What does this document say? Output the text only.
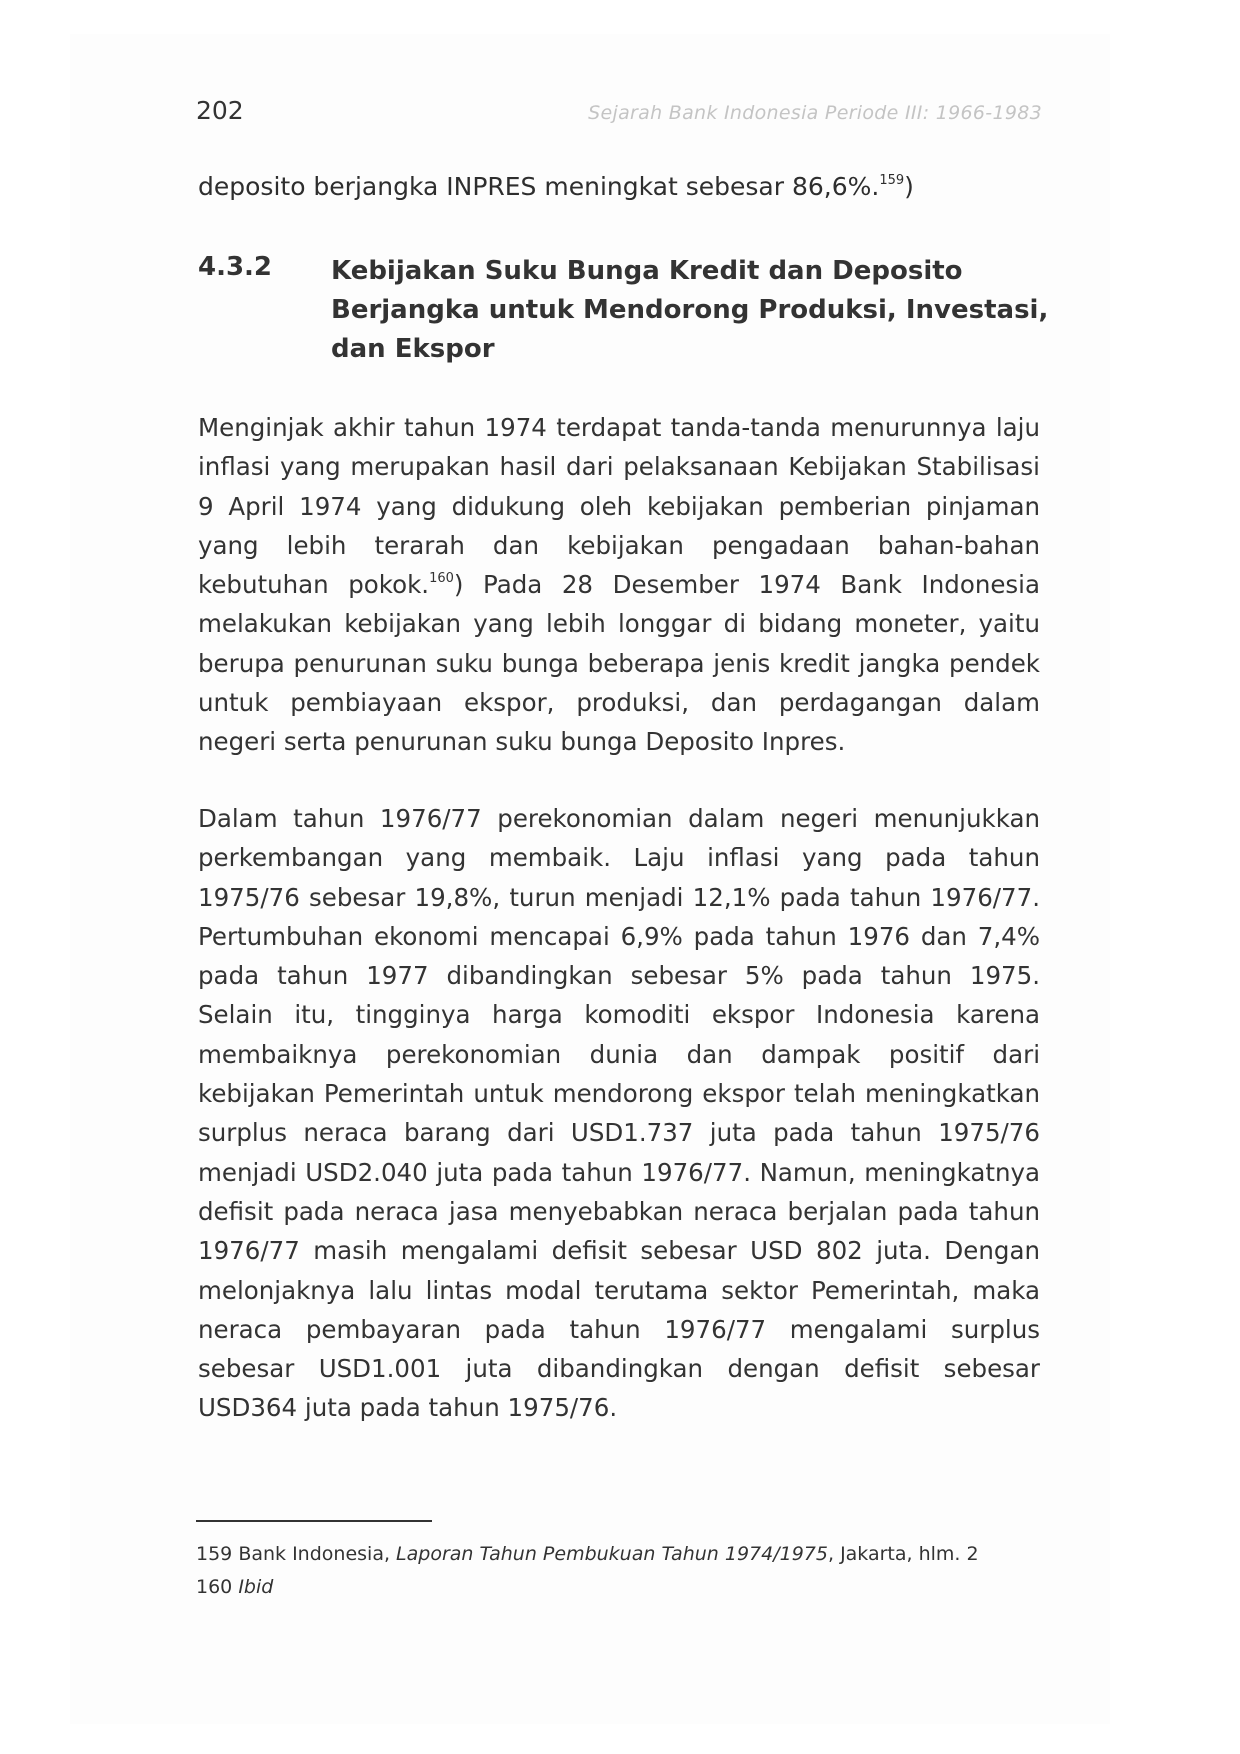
202	Sejarah Bank Indonesia Periode III: 1966-1983
deposito berjangka INPRES meningkat sebesar 86,6%.$^{159}$)
4.3.2 Kebijakan Suku Bunga Kredit dan Deposito Berjangka untuk Mendorong Produksi, Investasi, dan Ekspor

Menginjak akhir tahun 1974 terdapat tanda-tanda menurunnya laju inflasi yang merupakan hasil dari pelaksanaan Kebijakan Stabilisasi 9 April 1974 yang didukung oleh kebijakan pemberian pinjaman yang lebih terarah dan kebijakan pengadaan bahan-bahan kebutuhan pokok.$^{160}$) Pada 28 Desember 1974 Bank Indonesia melakukan kebijakan yang lebih longgar di bidang moneter, yaitu berupa penurunan suku bunga beberapa jenis kredit jangka pendek untuk pembiayaan ekspor, produksi, dan perdagangan dalam negeri serta penurunan suku bunga Deposito Inpres.

Dalam tahun 1976/77 perekonomian dalam negeri menunjukkan perkembangan yang membaik. Laju inflasi yang pada tahun 1975/76 sebesar 19,8%, turun menjadi 12,1% pada tahun 1976/77. Pertumbuhan ekonomi mencapai 6,9% pada tahun 1976 dan 7,4% pada tahun 1977 dibandingkan sebesar 5% pada tahun 1975. Selain itu, tingginya harga komoditi ekspor Indonesia karena membaiknya perekonomian dunia dan dampak positif dari kebijakan Pemerintah untuk mendorong ekspor telah meningkatkan surplus neraca barang dari USD1.737 juta pada tahun 1975/76 menjadi USD2.040 juta pada tahun 1976/77. Namun, meningkatnya defisit pada neraca jasa menyebabkan neraca berjalan pada tahun 1976/77 masih mengalami defisit sebesar USD 802 juta. Dengan melonjaknya lalu lintas modal terutama sektor Pemerintah, maka neraca pembayaran pada tahun 1976/77 mengalami surplus sebesar USD1.001 juta dibandingkan dengan defisit sebesar USD364 juta pada tahun 1975/76.

159 Bank Indonesia, Laporan Tahun Pembukuan Tahun 1974/1975, Jakarta, hlm. 2
160 Ibid
